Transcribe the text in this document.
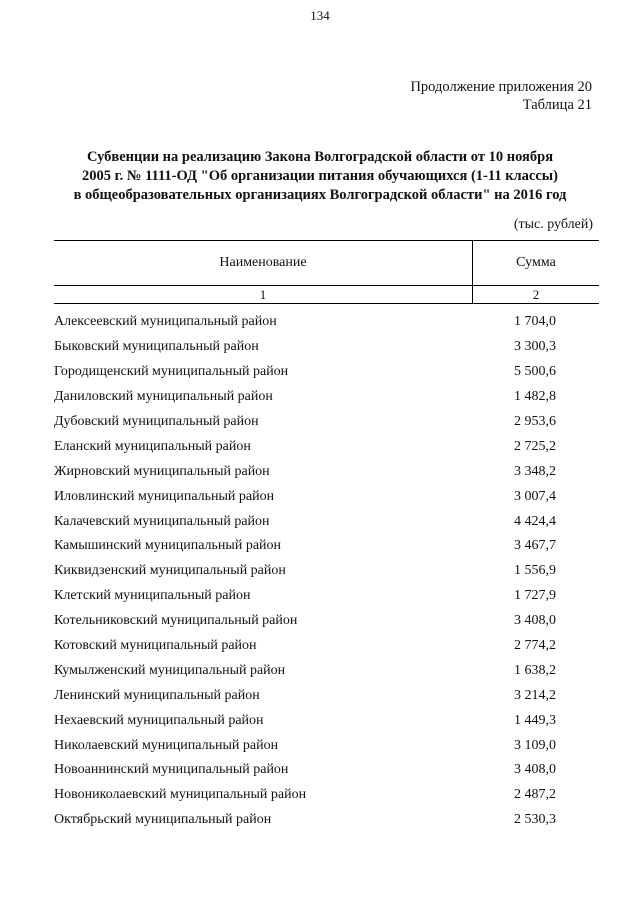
134
Продолжение приложения 20
Таблица 21
Субвенции на реализацию Закона Волгоградской области от 10 ноября
2005 г. № 1111-ОД "Об организации питания обучающихся (1-11 классы)
в общеобразовательных организациях Волгоградской области" на 2016 год
(тыс. рублей)
Наименование	Сумма
1	2
Алексеевский муниципальный район	1 704,0
Быковский муниципальный район	3 300,3
Городищенский муниципальный район	5 500,6
Даниловский муниципальный район	1 482,8
Дубовский муниципальный район	2 953,6
Еланский муниципальный район	2 725,2
Жирновский муниципальный район	3 348,2
Иловлинский муниципальный район	3 007,4
Калачевский муниципальный район	4 424,4
Камышинский муниципальный район	3 467,7
Киквидзенский муниципальный район	1 556,9
Клетский муниципальный район	1 727,9
Котельниковский муниципальный район	3 408,0
Котовский муниципальный район	2 774,2
Кумылженский муниципальный район	1 638,2
Ленинский муниципальный район	3 214,2
Нехаевский муниципальный район	1 449,3
Николаевский муниципальный район	3 109,0
Новоаннинский муниципальный район	3 408,0
Новониколаевский муниципальный район	2 487,2
Октябрьский муниципальный район	2 530,3
